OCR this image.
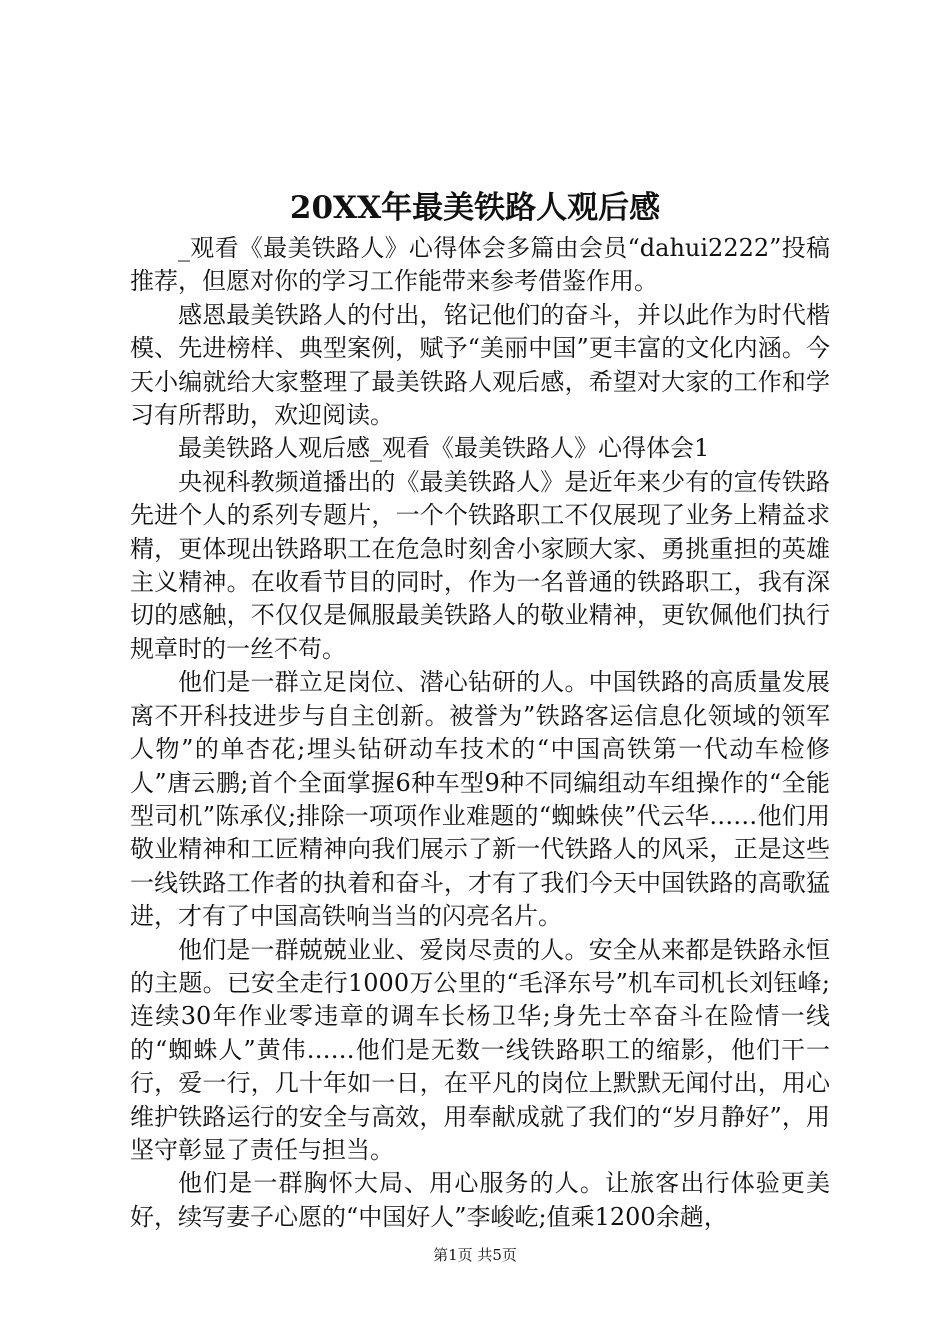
20XX年最美铁路人观后感

_观看《最美铁路人》心得体会多篇由会员“dahui2222”投稿推荐，但愿对你的学习工作能带来参考借鉴作用。

感恩最美铁路人的付出，铭记他们的奋斗，并以此作为时代楷模、先进榜样、典型案例，赋予“美丽中国”更丰富的文化内涵。今天小编就给大家整理了最美铁路人观后感，希望对大家的工作和学习有所帮助，欢迎阅读。

最美铁路人观后感_观看《最美铁路人》心得体会1

央视科教频道播出的《最美铁路人》是近年来少有的宣传铁路先进个人的系列专题片，一个个铁路职工不仅展现了业务上精益求精，更体现出铁路职工在危急时刻舍小家顾大家、勇挑重担的英雄主义精神。在收看节目的同时，作为一名普通的铁路职工，我有深切的感触，不仅仅是佩服最美铁路人的敬业精神，更钦佩他们执行规章时的一丝不苟。

他们是一群立足岗位、潜心钻研的人。中国铁路的高质量发展离不开科技进步与自主创新。被誉为”铁路客运信息化领域的领军人物”的单杏花;埋头钻研动车技术的“中国高铁第一代动车检修人”唐云鹏;首个全面掌握6种车型9种不同编组动车组操作的“全能型司机”陈承仪;排除一项项作业难题的“蜘蛛侠”代云华……他们用敬业精神和工匠精神向我们展示了新一代铁路人的风采，正是这些一线铁路工作者的执着和奋斗，才有了我们今天中国铁路的高歌猛进，才有了中国高铁响当当的闪亮名片。

他们是一群兢兢业业、爱岗尽责的人。安全从来都是铁路永恒的主题。已安全走行1000万公里的“毛泽东号”机车司机长刘钰峰;连续30年作业零违章的调车长杨卫华;身先士卒奋斗在险情一线的“蜘蛛人”黄伟……他们是无数一线铁路职工的缩影，他们干一行，爱一行，几十年如一日，在平凡的岗位上默默无闻付出，用心维护铁路运行的安全与高效，用奉献成就了我们的“岁月静好”，用坚守彰显了责任与担当。

他们是一群胸怀大局、用心服务的人。让旅客出行体验更美好，续写妻子心愿的“中国好人”李峻屹;值乘1200余趟，

第1页 共5页
